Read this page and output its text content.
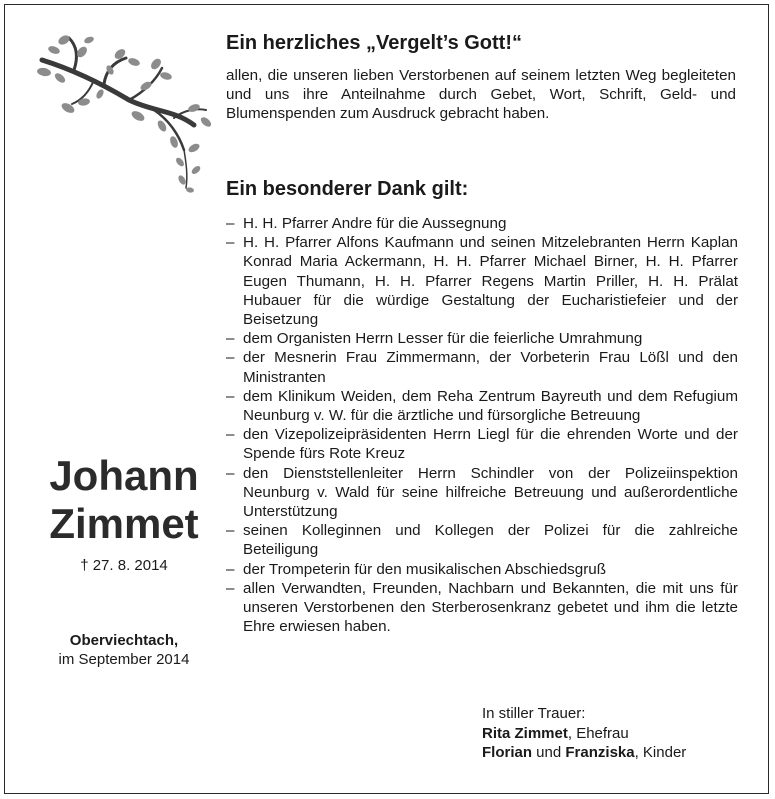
Ein herzliches „Vergelt’s Gott!“
allen, die unseren lieben Verstorbenen auf seinem letzten Weg begleiteten und uns ihre Anteilnahme durch Gebet, Wort, Schrift, Geld- und Blumenspenden zum Ausdruck gebracht haben.
Ein besonderer Dank gilt:
– H. H. Pfarrer Andre für die Aussegnung
– H. H. Pfarrer Alfons Kaufmann und seinen Mitzelebranten Herrn Kaplan Konrad Maria Ackermann, H. H. Pfarrer Michael Birner, H. H. Pfarrer Eugen Thumann, H. H. Pfarrer Regens Martin Priller, H. H. Prälat Hubauer für die würdige Gestaltung der Eucharistiefeier und der Beisetzung
– dem Organisten Herrn Lesser für die feierliche Umrahmung
– der Mesnerin Frau Zimmermann, der Vorbeterin Frau Lößl und den Ministranten
– dem Klinikum Weiden, dem Reha Zentrum Bayreuth und dem Refugium Neunburg v. W. für die ärztliche und fürsorgliche Betreuung
– den Vizepolizeipräsidenten Herrn Liegl für die ehrenden Worte und der Spende fürs Rote Kreuz
– den Dienststellenleiter Herrn Schindler von der Polizeiinspektion Neunburg v. Wald für seine hilfreiche Betreuung und außerordentliche Unterstützung
– seinen Kolleginnen und Kollegen der Polizei für die zahlreiche Beteiligung
– der Trompeterin für den musikalischen Abschiedsgruß
– allen Verwandten, Freunden, Nachbarn und Bekannten, die mit uns für unseren Verstorbenen den Sterberosenkranz gebetet und ihm die letzte Ehre erwiesen haben.
Johann
Zimmet
† 27. 8. 2014
Oberviechtach,
im September 2014
In stiller Trauer:
Rita Zimmet, Ehefrau
Florian und Franziska, Kinder
